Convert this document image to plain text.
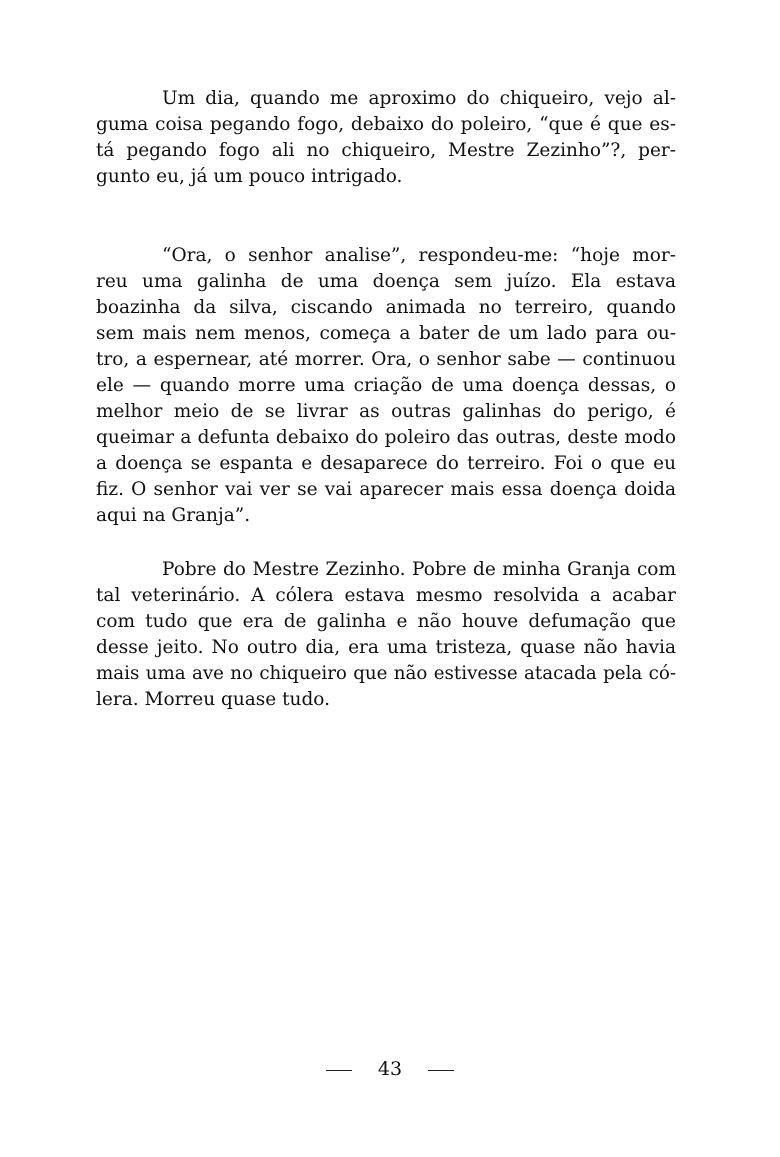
Um dia, quando me aproximo do chiqueiro, vejo al-
guma coisa pegando fogo, debaixo do poleiro, “que é que es-
tá pegando fogo ali no chiqueiro, Mestre Zezinho”?, per-
gunto eu, já um pouco intrigado.
“Ora, o senhor analise”, respondeu-me: “hoje mor-
reu uma galinha de uma doença sem juízo. Ela estava
boazinha da silva, ciscando animada no terreiro, quando
sem mais nem menos, começa a bater de um lado para ou-
tro, a espernear, até morrer. Ora, o senhor sabe — continuou
ele — quando morre uma criação de uma doença dessas, o
melhor meio de se livrar as outras galinhas do perigo, é
queimar a defunta debaixo do poleiro das outras, deste modo
a doença se espanta e desaparece do terreiro. Foi o que eu
fiz. O senhor vai ver se vai aparecer mais essa doença doida
aqui na Granja”.
Pobre do Mestre Zezinho. Pobre de minha Granja com
tal veterinário. A cólera estava mesmo resolvida a acabar
com tudo que era de galinha e não houve defumação que
desse jeito. No outro dia, era uma tristeza, quase não havia
mais uma ave no chiqueiro que não estivesse atacada pela có-
lera. Morreu quase tudo.
43
